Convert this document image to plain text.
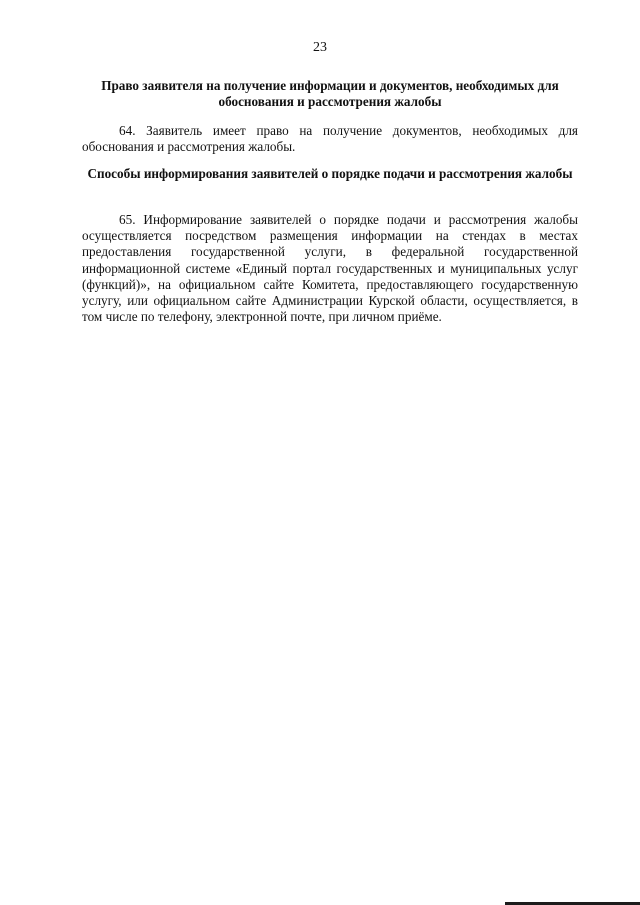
23
Право заявителя на получение информации и документов, необходимых для обоснования и рассмотрения жалобы

64. Заявитель имеет право на получение документов, необходимых для обоснования и рассмотрения жалобы.

Способы информирования заявителей о порядке подачи и рассмотрения жалобы

65. Информирование заявителей о порядке подачи и рассмотрения жалобы осуществляется посредством размещения информации на стендах в местах предоставления государственной услуги, в федеральной государственной информационной системе «Единый портал государственных и муниципальных услуг (функций)», на официальном сайте Комитета, предоставляющего государственную услугу, или официальном сайте Администрации Курской области, осуществляется, в том числе по телефону, электронной почте, при личном приёме.
